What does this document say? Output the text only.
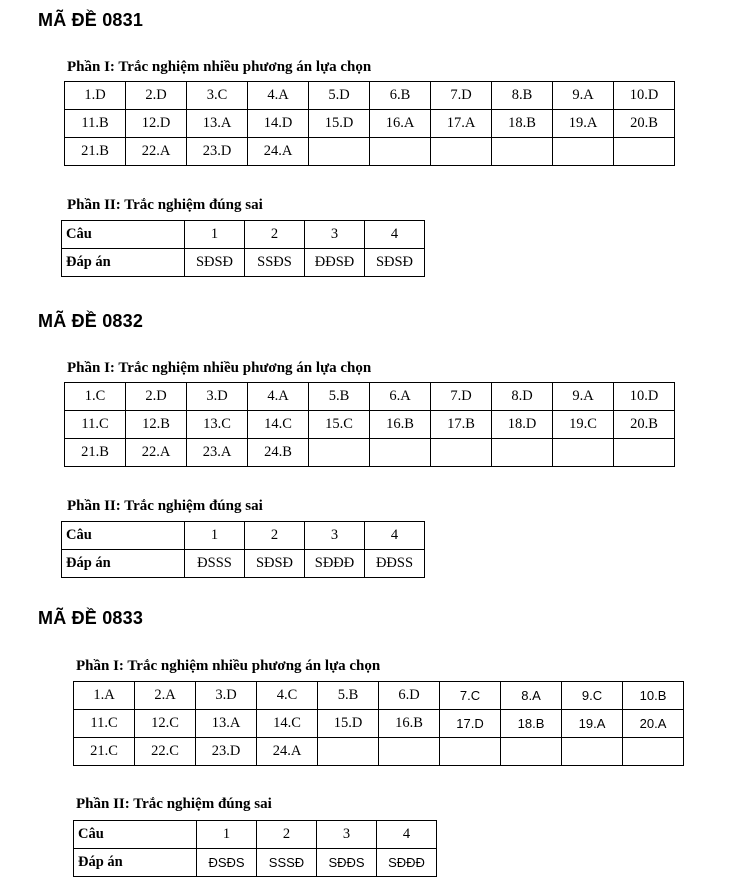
MÃ ĐỀ 0831
Phần I: Trắc nghiệm nhiều phương án lựa chọn
1.D	2.D	3.C	4.A	5.D	6.B	7.D	8.B	9.A	10.D
11.B	12.D	13.A	14.D	15.D	16.A	17.A	18.B	19.A	20.B
21.B	22.A	23.D	24.A						
Phần II: Trắc nghiệm đúng sai
Câu	1	2	3	4
Đáp án	SĐSĐ	SSĐS	ĐĐSĐ	SĐSĐ
MÃ ĐỀ 0832
Phần I: Trắc nghiệm nhiều phương án lựa chọn
1.C	2.D	3.D	4.A	5.B	6.A	7.D	8.D	9.A	10.D
11.C	12.B	13.C	14.C	15.C	16.B	17.B	18.D	19.C	20.B
21.B	22.A	23.A	24.B						
Phần II: Trắc nghiệm đúng sai
Câu	1	2	3	4
Đáp án	ĐSSS	SĐSĐ	SĐĐĐ	ĐĐSS
MÃ ĐỀ 0833
Phần I: Trắc nghiệm nhiều phương án lựa chọn
1.A	2.A	3.D	4.C	5.B	6.D	7.C	8.A	9.C	10.B
11.C	12.C	13.A	14.C	15.D	16.B	17.D	18.B	19.A	20.A
21.C	22.C	23.D	24.A						
Phần II: Trắc nghiệm đúng sai
Câu	1	2	3	4
Đáp án	ĐSĐS	SSSĐ	SĐĐS	SĐĐĐ
